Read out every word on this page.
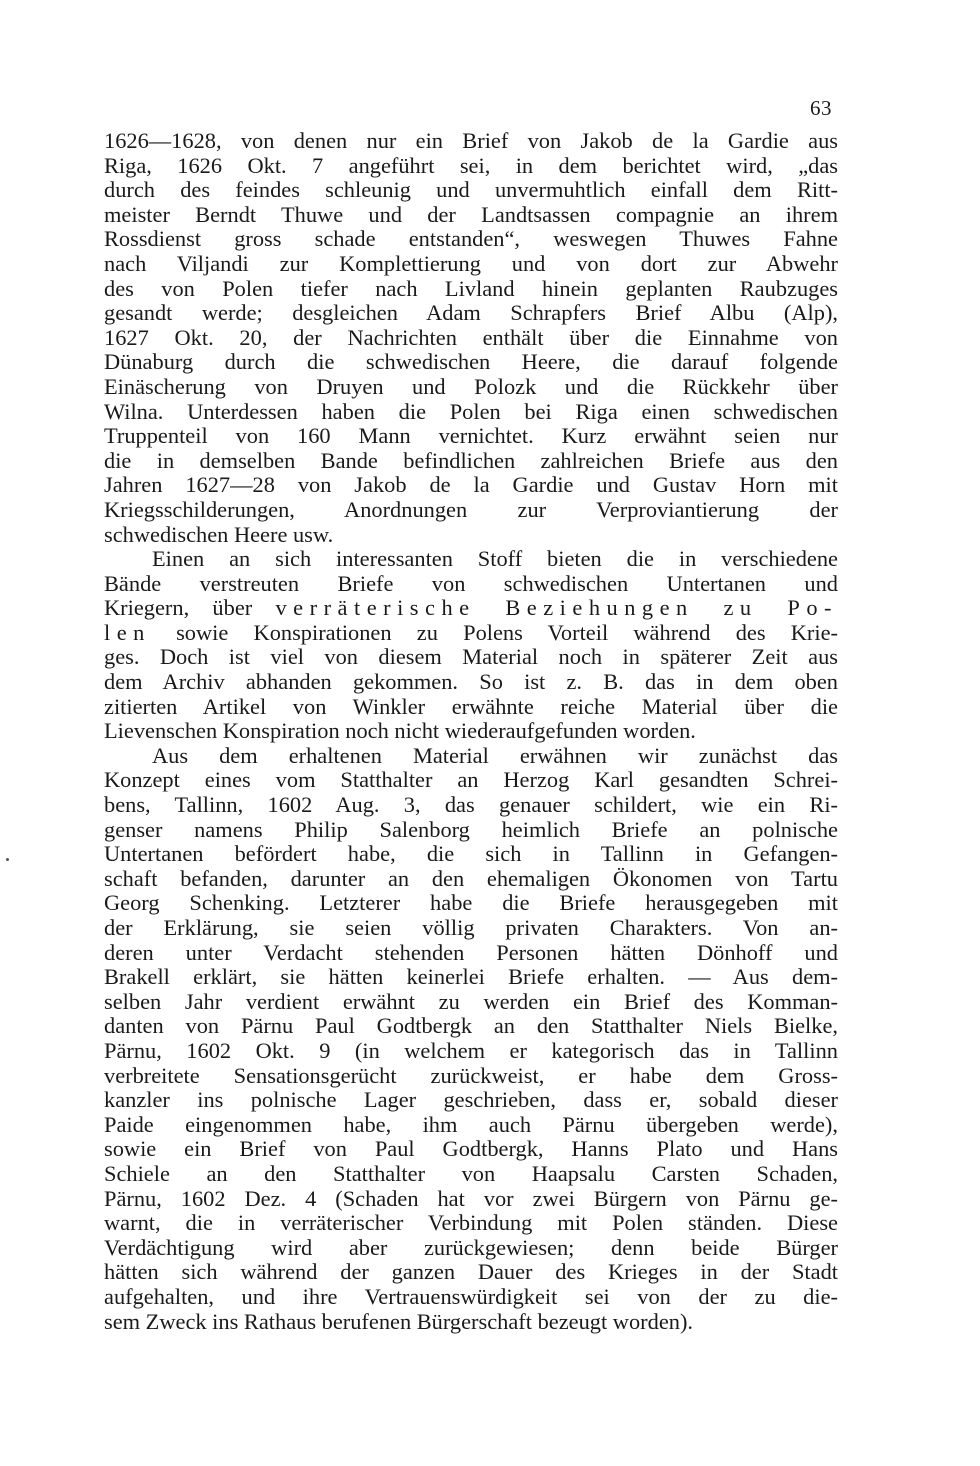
63
1626—1628, von denen nur ein Brief von Jakob de la Gardie aus
Riga, 1626 Okt. 7 angeführt sei, in dem berichtet wird, „das
durch des feindes schleunig und unvermuhtlich einfall dem Ritt-
meister Berndt Thuwe und der Landtsassen compagnie an ihrem
Rossdienst gross schade entstanden“, weswegen Thuwes Fahne
nach Viljandi zur Komplettierung und von dort zur Abwehr
des von Polen tiefer nach Livland hinein geplanten Raubzuges
gesandt werde; desgleichen Adam Schrapfers Brief Albu (Alp),
1627 Okt. 20, der Nachrichten enthält über die Einnahme von
Dünaburg durch die schwedischen Heere, die darauf folgende
Einäscherung von Druyen und Polozk und die Rückkehr über
Wilna. Unterdessen haben die Polen bei Riga einen schwedischen
Truppenteil von 160 Mann vernichtet. Kurz erwähnt seien nur
die in demselben Bande befindlichen zahlreichen Briefe aus den
Jahren 1627—28 von Jakob de la Gardie und Gustav Horn mit
Kriegsschilderungen, Anordnungen zur Verproviantierung der
schwedischen Heere usw.
Einen an sich interessanten Stoff bieten die in verschiedene
Bände verstreuten Briefe von schwedischen Untertanen und
Kriegern, über verräterische Beziehungen zu Po-
len sowie Konspirationen zu Polens Vorteil während des Krie-
ges. Doch ist viel von diesem Material noch in späterer Zeit aus
dem Archiv abhanden gekommen. So ist z. B. das in dem oben
zitierten Artikel von Winkler erwähnte reiche Material über die
Lievenschen Konspiration noch nicht wiederaufgefunden worden.
Aus dem erhaltenen Material erwähnen wir zunächst das
Konzept eines vom Statthalter an Herzog Karl gesandten Schrei-
bens, Tallinn, 1602 Aug. 3, das genauer schildert, wie ein Ri-
genser namens Philip Salenborg heimlich Briefe an polnische
Untertanen befördert habe, die sich in Tallinn in Gefangen-
schaft befanden, darunter an den ehemaligen Ökonomen von Tartu
Georg Schenking. Letzterer habe die Briefe herausgegeben mit
der Erklärung, sie seien völlig privaten Charakters. Von an-
deren unter Verdacht stehenden Personen hätten Dönhoff und
Brakell erklärt, sie hätten keinerlei Briefe erhalten. — Aus dem-
selben Jahr verdient erwähnt zu werden ein Brief des Komman-
danten von Pärnu Paul Godtbergk an den Statthalter Niels Bielke,
Pärnu, 1602 Okt. 9 (in welchem er kategorisch das in Tallinn
verbreitete Sensationsgerücht zurückweist, er habe dem Gross-
kanzler ins polnische Lager geschrieben, dass er, sobald dieser
Paide eingenommen habe, ihm auch Pärnu übergeben werde),
sowie ein Brief von Paul Godtbergk, Hanns Plato und Hans
Schiele an den Statthalter von Haapsalu Carsten Schaden,
Pärnu, 1602 Dez. 4 (Schaden hat vor zwei Bürgern von Pärnu ge-
warnt, die in verräterischer Verbindung mit Polen ständen. Diese
Verdächtigung wird aber zurückgewiesen; denn beide Bürger
hätten sich während der ganzen Dauer des Krieges in der Stadt
aufgehalten, und ihre Vertrauenswürdigkeit sei von der zu die-
sem Zweck ins Rathaus berufenen Bürgerschaft bezeugt worden).
